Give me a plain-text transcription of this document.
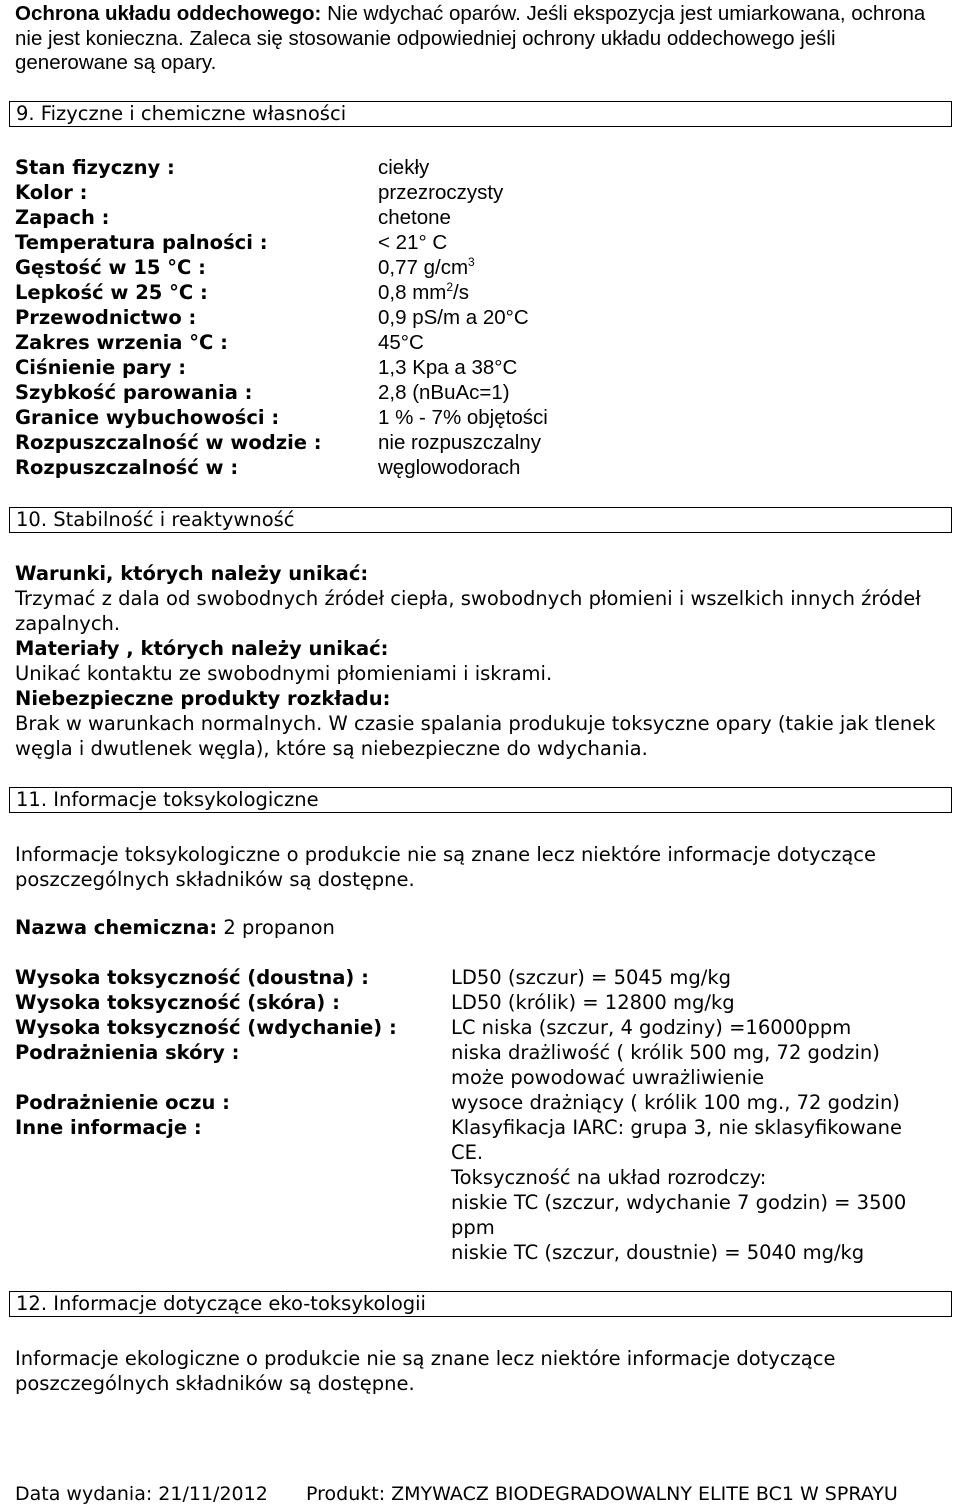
Ochrona układu oddechowego: Nie wdychać oparów. Jeśli ekspozycja jest umiarkowana, ochrona nie jest konieczna. Zaleca się stosowanie odpowiedniej ochrony układu oddechowego jeśli generowane są opary.
9. Fizyczne i chemiczne własności
Stan fizyczny :
Kolor :
Zapach :
Temperatura palności :
Gęstość w 15 °C :
Lepkość w 25 °C :
Przewodnictwo :
Zakres wrzenia °C :
Ciśnienie pary :
Szybkość parowania :
Granice wybuchowości :
Rozpuszczalność w wodzie :
Rozpuszczalność w :
ciekły
przezroczysty
chetone
< 21° C
0,77 $g/cm^3$
0,8 $mm^2/s$
0,9 pS/m a 20°C
45°C
1,3 Kpa a 38°C
2,8 (nBuAc=1)
1 % - 7% objętości
nie rozpuszczalny
węglowodorach
10. Stabilność i reaktywność
Warunki, których należy unikać:
Trzymać z dala od swobodnych źródeł ciepła, swobodnych płomieni i wszelkich innych źródeł zapalnych.
Materiały , których należy unikać:
Unikać kontaktu ze swobodnymi płomieniami i iskrami.
Niebezpieczne produkty rozkładu:
Brak w warunkach normalnych. W czasie spalania produkuje toksyczne opary (takie jak tlenek węgla i dwutlenek węgla), które są niebezpieczne do wdychania.
11. Informacje toksykologiczne
Informacje toksykologiczne o produkcie nie są znane lecz niektóre informacje dotyczące poszczególnych składników są dostępne.
Nazwa chemiczna: 2 propanon
Wysoka toksyczność (doustna) :
Wysoka toksyczność (skóra) :
Wysoka toksyczność (wdychanie) :
Podrażnienia skóry :
Podrażnienie oczu :
Inne informacje :
LD50 (szczur) = 5045 mg/kg
LD50 (królik) = 12800 mg/kg
LC niska (szczur, 4 godziny) =16000ppm
niska drażliwość ( królik 500 mg, 72 godzin)
może powodować uwrażliwienie
wysoce drażniący ( królik 100 mg., 72 godzin)
Klasyfikacja IARC: grupa 3, nie sklasyfikowane
CE.
Toksyczność na układ rozrodczy:
niskie TC (szczur, wdychanie 7 godzin) = 3500
ppm
niskie TC (szczur, doustnie) = 5040 mg/kg
12. Informacje dotyczące eko-toksykologii
Informacje ekologiczne o produkcie nie są znane lecz niektóre informacje dotyczące poszczególnych składników są dostępne.
Data wydania: 21/11/2012 Produkt: ZMYWACZ BIODEGRADOWALNY ELITE BC1 W SPRAYU
